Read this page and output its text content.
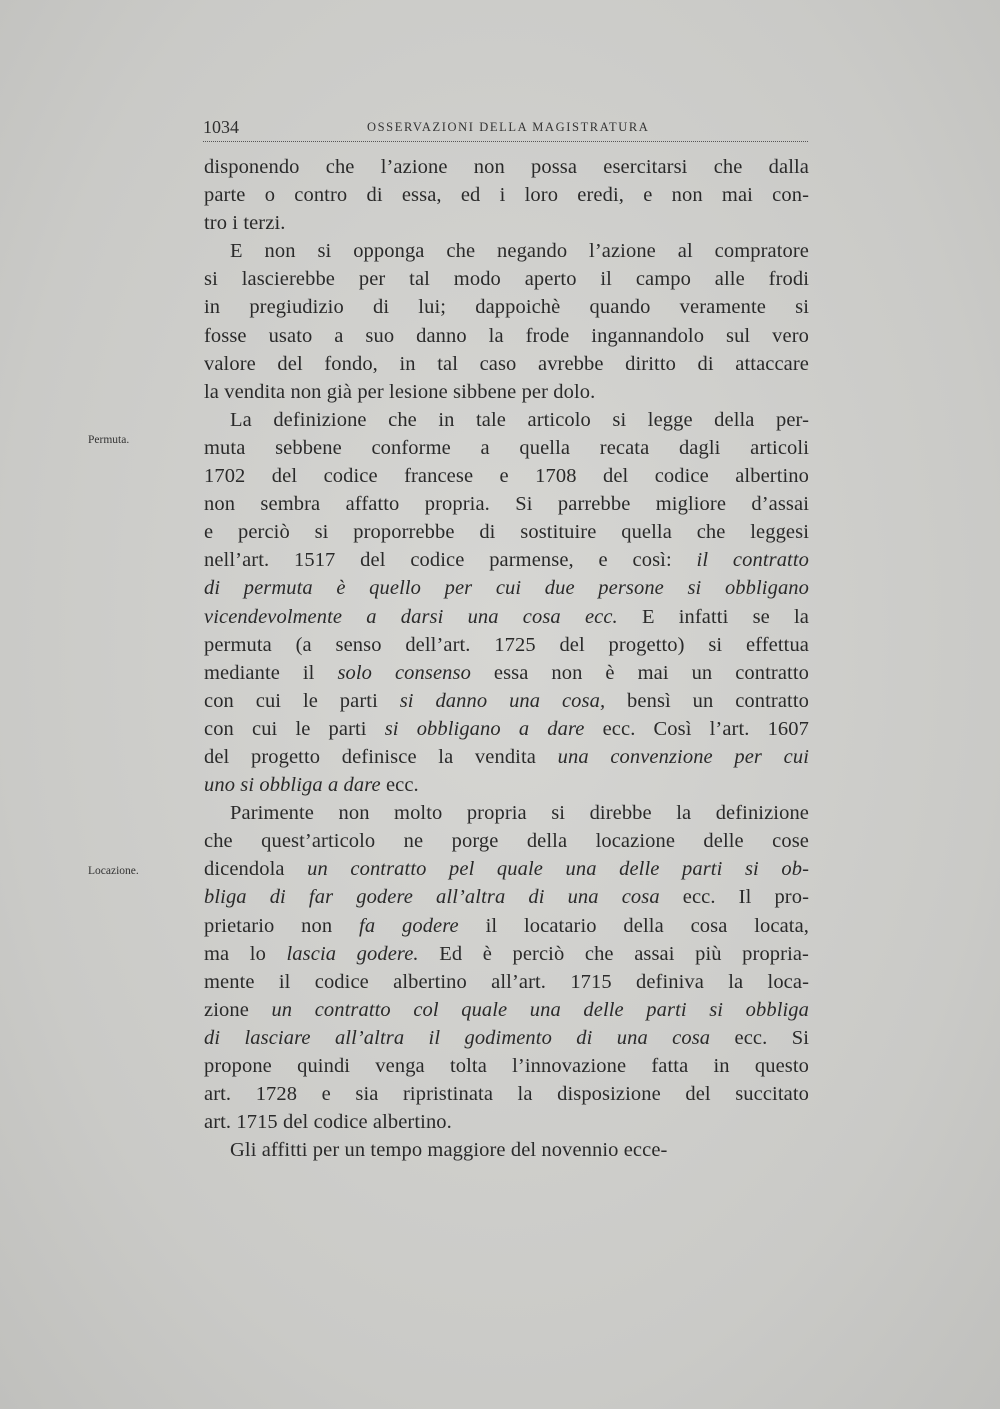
1034	OSSERVAZIONI DELLA MAGISTRATURA
Permuta.
Locazione.
disponendo che l’azione non possa esercitarsi che dalla
parte o contro di essa, ed i loro eredi, e non mai con-
tro i terzi.
E non si opponga che negando l’azione al compratore
si lascierebbe per tal modo aperto il campo alle frodi
in pregiudizio di lui; dappoichè quando veramente si
fosse usato a suo danno la frode ingannandolo sul vero
valore del fondo, in tal caso avrebbe diritto di attaccare
la vendita non già per lesione sibbene per dolo.
La definizione che in tale articolo si legge della per-
muta sebbene conforme a quella recata dagli articoli
1702 del codice francese e 1708 del codice albertino
non sembra affatto propria. Si parrebbe migliore d’assai
e perciò si proporrebbe di sostituire quella che leggesi
nell’art. 1517 del codice parmense, e così: il contratto
di permuta è quello per cui due persone si obbligano
vicendevolmente a darsi una cosa ecc. E infatti se la
permuta (a senso dell’art. 1725 del progetto) si effettua
mediante il solo consenso essa non è mai un contratto
con cui le parti si danno una cosa, bensì un contratto
con cui le parti si obbligano a dare ecc. Così l’art. 1607
del progetto definisce la vendita una convenzione per cui
uno si obbliga a dare ecc.
Parimente non molto propria si direbbe la definizione
che quest’articolo ne porge della locazione delle cose
dicendola un contratto pel quale una delle parti si ob-
bliga di far godere all’altra di una cosa ecc. Il pro-
prietario non fa godere il locatario della cosa locata,
ma lo lascia godere. Ed è perciò che assai più propria-
mente il codice albertino all’art. 1715 definiva la loca-
zione un contratto col quale una delle parti si obbliga
di lasciare all’altra il godimento di una cosa ecc. Si
propone quindi venga tolta l’innovazione fatta in questo
art. 1728 e sia ripristinata la disposizione del succitato
art. 1715 del codice albertino.
Gli affitti per un tempo maggiore del novennio ecce-
